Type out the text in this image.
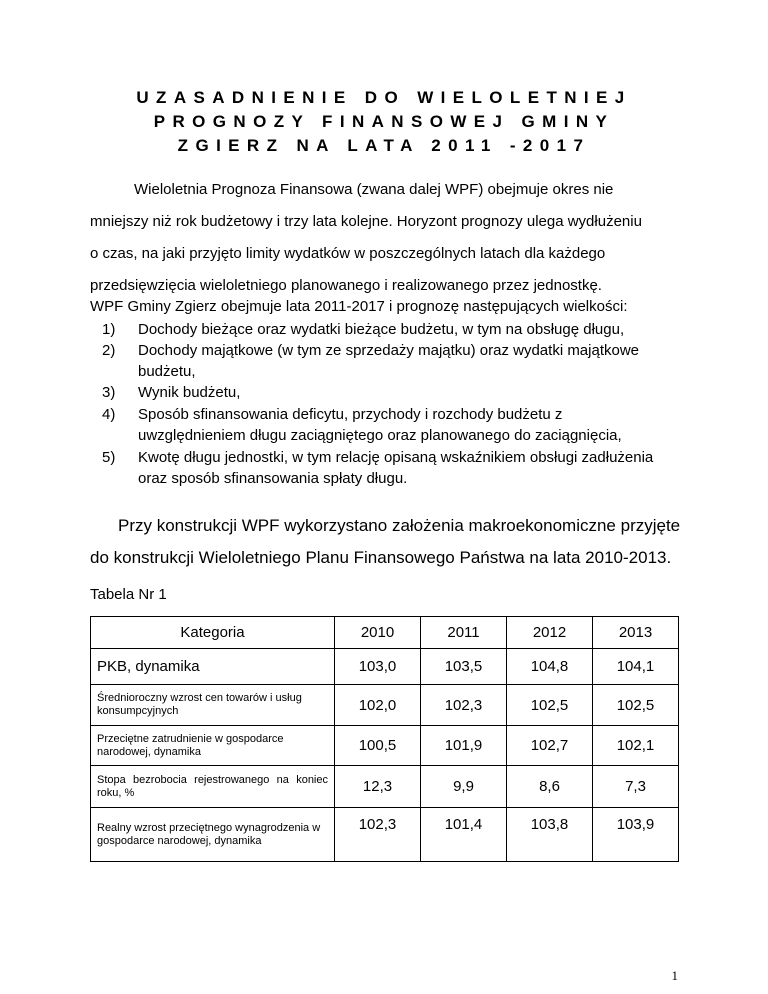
UZASADNIENIE DO WIELOLETNIEJ
PROGNOZY FINANSOWEJ GMINY
ZGIERZ NA LATA 2011 -2017
Wieloletnia Prognoza Finansowa (zwana dalej WPF) obejmuje okres nie
mniejszy niż rok budżetowy i trzy lata kolejne. Horyzont prognozy ulega wydłużeniu
o czas, na jaki przyjęto limity wydatków w poszczególnych latach dla każdego
przedsięwzięcia wieloletniego planowanego i realizowanego przez jednostkę.
WPF Gminy Zgierz obejmuje lata 2011-2017 i prognozę następujących wielkości:
1) Dochody bieżące oraz wydatki bieżące budżetu, w tym na obsługę długu,
2) Dochody majątkowe (w tym ze sprzedaży majątku) oraz wydatki majątkowe
budżetu,
3) Wynik budżetu,
4) Sposób sfinansowania deficytu, przychody i rozchody budżetu z
uwzględnieniem długu zaciągniętego oraz planowanego do zaciągnięcia,
5) Kwotę długu jednostki, w tym relację opisaną wskaźnikiem obsługi zadłużenia
oraz sposób sfinansowania spłaty długu.
Przy konstrukcji WPF wykorzystano założenia makroekonomiczne przyjęte
do konstrukcji Wieloletniego Planu Finansowego Państwa na lata 2010-2013.
Tabela Nr 1
Kategoria	2010	2011	2012	2013
PKB, dynamika	103,0	103,5	104,8	104,1
Średnioroczny wzrost cen towarów i usług konsumpcyjnych	102,0	102,3	102,5	102,5
Przeciętne zatrudnienie w gospodarce narodowej, dynamika	100,5	101,9	102,7	102,1
Stopa bezrobocia rejestrowanego na koniec roku, %	12,3	9,9	8,6	7,3
Realny wzrost przeciętnego wynagrodzenia w gospodarce narodowej, dynamika	102,3	101,4	103,8	103,9
1
